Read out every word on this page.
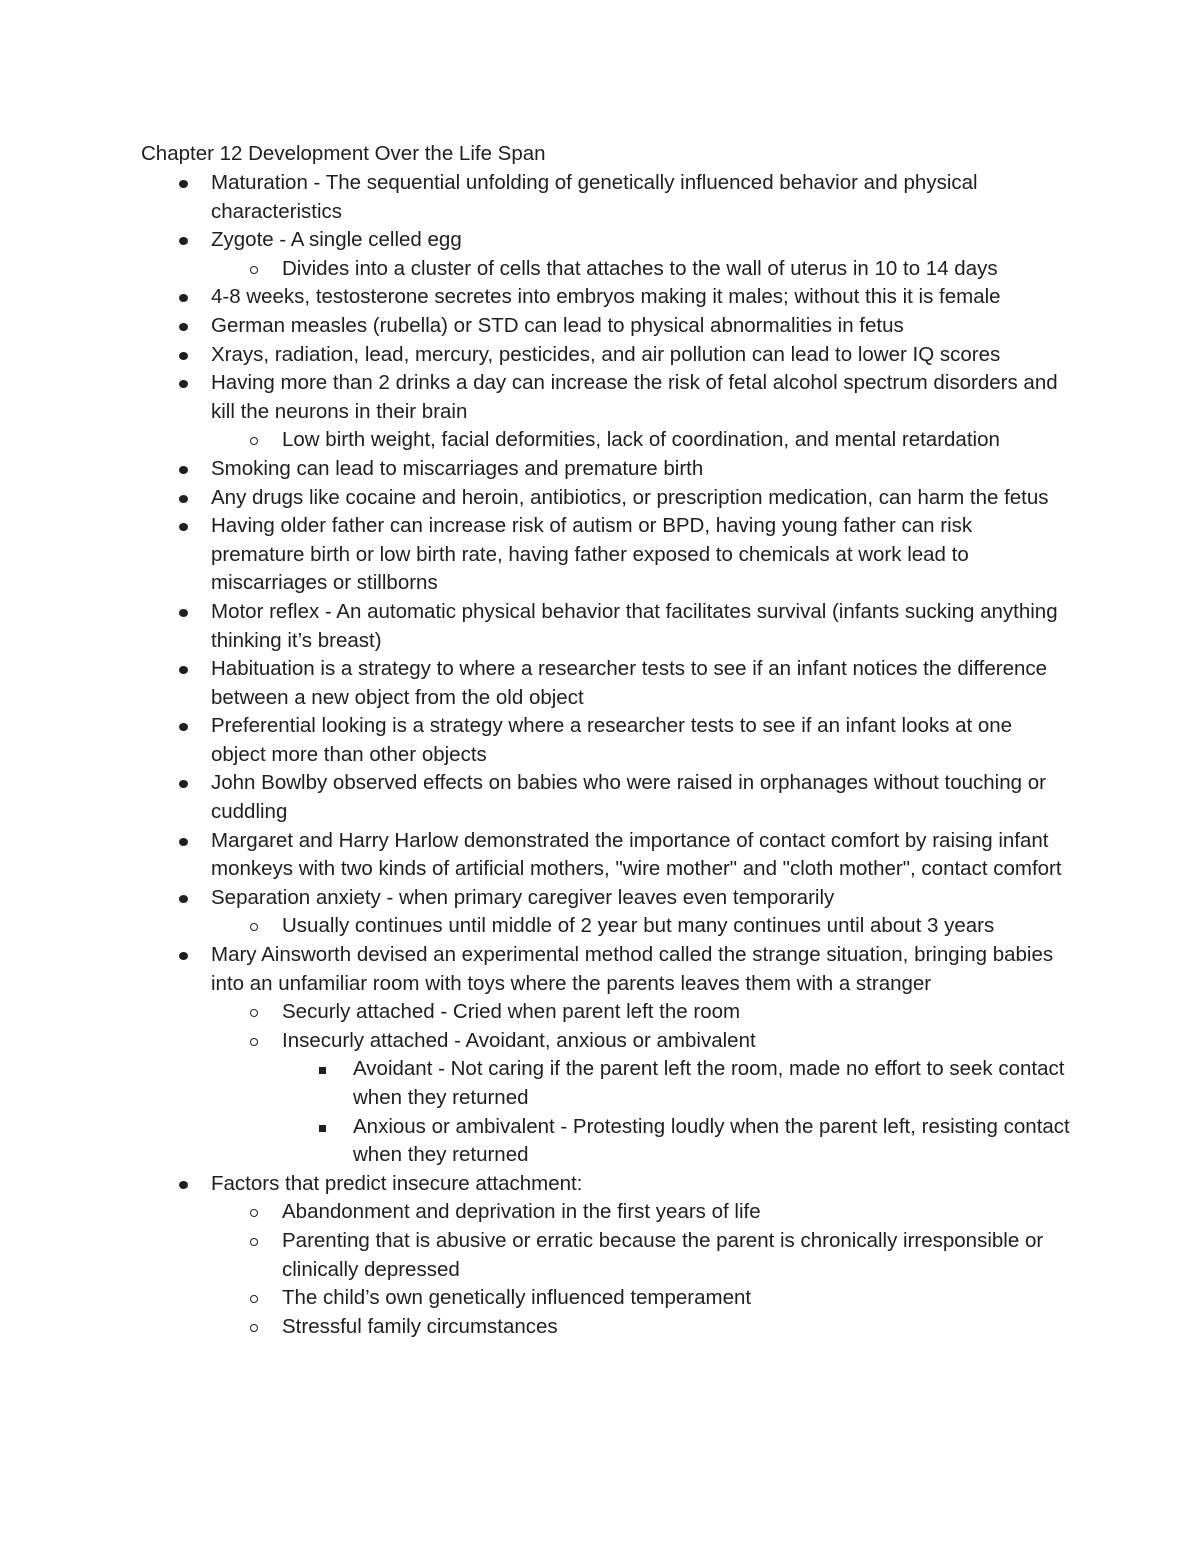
Chapter 12 Development Over the Life Span
Maturation - The sequential unfolding of genetically influenced behavior and physical characteristics
Zygote - A single celled egg
Divides into a cluster of cells that attaches to the wall of uterus in 10 to 14 days
4-8 weeks, testosterone secretes into embryos making it males; without this it is female
German measles (rubella) or STD can lead to physical abnormalities in fetus
Xrays, radiation, lead, mercury, pesticides, and air pollution can lead to lower IQ scores
Having more than 2 drinks a day can increase the risk of fetal alcohol spectrum disorders and kill the neurons in their brain
Low birth weight, facial deformities, lack of coordination, and mental retardation
Smoking can lead to miscarriages and premature birth
Any drugs like cocaine and heroin, antibiotics, or prescription medication, can harm the fetus
Having older father can increase risk of autism or BPD, having young father can risk premature birth or low birth rate, having father exposed to chemicals at work lead to miscarriages or stillborns
Motor reflex - An automatic physical behavior that facilitates survival (infants sucking anything thinking it’s breast)
Habituation is a strategy to where a researcher tests to see if an infant notices the difference between a new object from the old object
Preferential looking is a strategy where a researcher tests to see if an infant looks at one object more than other objects
John Bowlby observed effects on babies who were raised in orphanages without touching or cuddling
Margaret and Harry Harlow demonstrated the importance of contact comfort by raising infant monkeys with two kinds of artificial mothers, "wire mother" and "cloth mother", contact comfort
Separation anxiety - when primary caregiver leaves even temporarily
Usually continues until middle of 2 year but many continues until about 3 years
Mary Ainsworth devised an experimental method called the strange situation, bringing babies into an unfamiliar room with toys where the parents leaves them with a stranger
Securly attached - Cried when parent left the room
Insecurly attached - Avoidant, anxious or ambivalent
Avoidant - Not caring if the parent left the room, made no effort to seek contact when they returned
Anxious or ambivalent - Protesting loudly when the parent left, resisting contact when they returned
Factors that predict insecure attachment:
Abandonment and deprivation in the first years of life
Parenting that is abusive or erratic because the parent is chronically irresponsible or clinically depressed
The child’s own genetically influenced temperament
Stressful family circumstances
